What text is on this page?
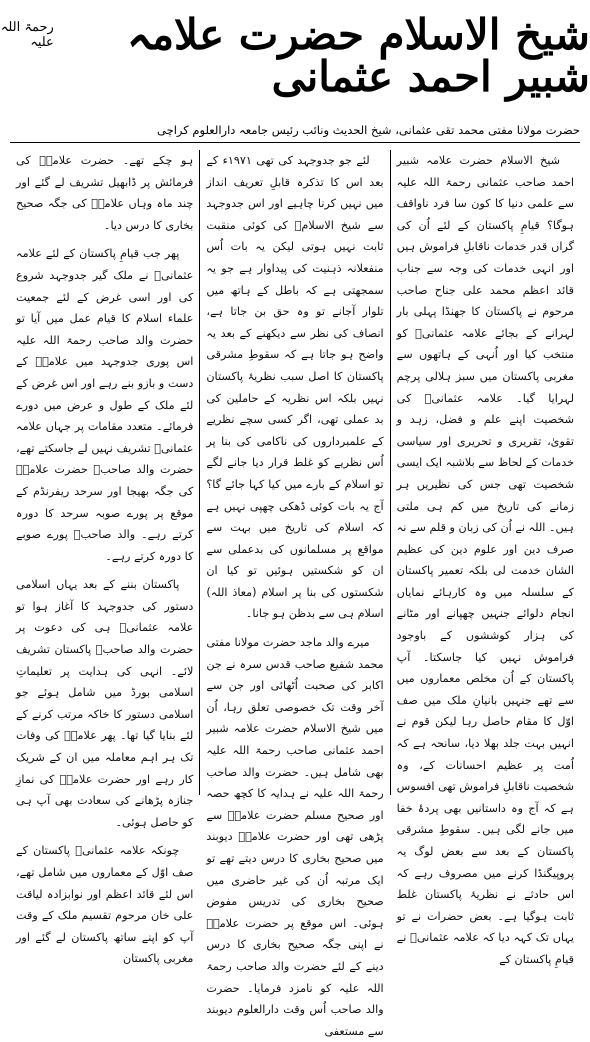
شیخ الاسلام حضرت علامہ شبیر احمد عثمانی
رحمۃ اللہ علیہ
حضرت مولانا مفتی محمد تقی عثمانی، شیخ الحدیث ونائب رئیس جامعہ دارالعلوم کراچی

شیخ الاسلام حضرت علامہ شبیر احمد صاحب عثمانی رحمۃ اللہ علیہ سے علمی دنیا کا کون سا فرد ناواقف ہوگا؟ قیامِ پاکستان کے لئے اُن کی گراں قدر خدمات ناقابلِ فراموش ہیں اور انہی خدمات کی وجہ سے جناب قائد اعظم محمد علی جناح صاحب مرحوم نے پاکستان کا جھنڈا پہلی بار لہرانے کے بجائے علامہ عثمانیؒ کو منتخب کیا اور اُنہی کے ہاتھوں سے مغربی پاکستان میں سبز ہلالی پرچم لہرایا گیا۔ علامہ عثمانیؒ کی شخصیت اپنے علم و فضل، زہد و تقویٰ، تقریری و تحریری اور سیاسی خدمات کے لحاظ سے بلاشبہ ایک ایسی شخصیت تھی جس کی نظیریں ہر زمانے کی تاریخ میں کم ہی ملتی ہیں۔ اللہ نے اُن کی زبان و قلم سے نہ صرف دین اور علوم دین کی عظیم الشان خدمت لی بلکہ تعمیر پاکستان کے سلسلہ میں وہ کارہائے نمایاں انجام دلوائے جنہیں چھپانے اور مٹانے کی ہزار کوششوں کے باوجود فراموش نہیں کیا جاسکتا۔ آپ پاکستان کے اُن مخلص معماروں میں سے تھے جنہیں بانیانِ ملک میں صف اوّل کا مقام حاصل رہا لیکن قوم نے انہیں بہت جلد بھلا دیا، سانحہ ہے کہ اُمت پر عظیم احسانات کے، وہ شخصیت ناقابلِ فراموش تھی افسوس ہے کہ آج وہ داستانیں بھی پردۂ خفا میں جانے لگی ہیں۔ سقوطِ مشرقی پاکستان کے بعد سے بعض لوگ یہ پروپیگنڈا کرنے میں مصروف رہے کہ اس حادثے نے نظریۂ پاکستان غلط ثابت ہوگیا ہے۔ بعض حضرات نے تو یہاں تک کہہ دیا کہ علامہ عثمانیؒ نے قیامِ پاکستان کے

لئے جو جدوجہد کی تھی ۱۹۷۱ء کے بعد اس کا تذکرہ قابلِ تعریف انداز میں نہیں کرنا چاہیے اور اس جدوجہد سے شیخ الاسلامؒ کی کوئی منقبت ثابت نہیں ہوتی لیکن یہ بات اُس منفعلانہ ذہنیت کی پیداوار ہے جو یہ سمجھتی ہے کہ باطل کے ہاتھ میں تلوار آجانے تو وہ حق بن جاتا ہے، انصاف کی نظر سے دیکھنے کے بعد یہ واضح ہو جاتا ہے کہ سقوطِ مشرقی پاکستان کا اصل سبب نظریۂ پاکستان نہیں بلکہ اس نظریہ کے حاملین کی بد عملی تھی، اگر کسی سچے نظریے کے علمبرداروں کی ناکامی کی بنا پر اُس نظریے کو غلط قرار دیا جانے لگے تو اسلام کے بارے میں کیا کہا جائے گا؟ آج یہ بات کوئی ڈھکی چھپی نہیں ہے کہ اسلام کی تاریخ میں بہت سے مواقع پر مسلمانوں کی بدعملی سے ان کو شکستیں ہوئیں تو کیا ان شکستوں کی بنا پر اسلام (معاذ اللہ) اسلام ہی سے بدظن ہو جانا۔

میرے والد ماجد حضرت مولانا مفتی محمد شفیع صاحب قدس سرہ نے جن اکابر کی صحبت اُٹھائی اور جن سے آخر وقت تک خصوصی تعلق رہا، اُن میں شیخ الاسلام حضرت علامہ شبیر احمد عثمانی صاحب رحمۃ اللہ علیہ بھی شامل ہیں۔ حضرت والد صاحب رحمۃ اللہ علیہ نے ہدایہ کا کچھ حصہ اور صحیح مسلم حضرت علامہؒ سے پڑھی تھی اور حضرت علامہؒ دیوبند میں صحیح بخاری کا درس دیتے تھے تو ایک مرتبہ اُن کی غیر حاضری میں صحیح بخاری کی تدریس مفوض ہوئی۔ اس موقع پر حضرت علامہؒ نے اپنی جگہ صحیح بخاری کا درس دینے کے لئے حضرت والد صاحب رحمۃ اللہ علیہ کو نامزد فرمایا۔ حضرت والد صاحب اُس وقت دارالعلوم دیوبند سے مستعفی

ہو چکے تھے۔ حضرت علامہؒ کی فرمائش پر ڈابھیل تشریف لے گئے اور چند ماہ وہاں علامہؒ کی جگہ صحیح بخاری کا درس دیا۔

پھر جب قیامِ پاکستان کے لئے علامہ عثمانیؒ نے ملک گیر جدوجہد شروع کی اور اسی غرض کے لئے جمعیت علماء اسلام کا قیام عمل میں آیا تو حضرت والد صاحب رحمۃ اللہ علیہ اس پوری جدوجہد میں علامہؒ کے دست و بازو بنے رہے اور اس غرض کے لئے ملک کے طول و عرض میں دورے فرمائے۔ متعدد مقامات پر جہاں علامہ عثمانیؒ تشریف نہیں لے جاسکتے تھے، حضرت والد صاحبؒ حضرت علامہؒ کی جگہ بھیجا اور سرحد ریفرنڈم کے موقع پر پورے صوبہ سرحد کا دورہ کرتے رہے۔ والد صاحبؒ پورے صوبے کا دورہ کرتے رہے۔

پاکستان بننے کے بعد یہاں اسلامی دستور کی جدوجہد کا آغاز ہوا تو علامہ عثمانیؒ ہی کی دعوت پر حضرت والد صاحبؒ پاکستان تشریف لائے۔ انہی کی ہدایت پر تعلیماتِ اسلامی بورڈ میں شامل ہوئے جو اسلامی دستور کا خاکہ مرتب کرنے کے لئے بنایا گیا تھا۔ پھر علامہؒ کی وفات تک ہر اہم معاملہ میں ان کے شریک کار رہے اور حضرت علامہؒ کی نمازِ جنازہ پڑھانے کی سعادت بھی آپ ہی کو حاصل ہوئی۔

چونکہ علامہ عثمانیؒ پاکستان کے صف اوّل کے معماروں میں شامل تھے، اس لئے قائد اعظم اور نوابزادہ لیاقت علی خان مرحوم تقسیم ملک کے وقت آپ کو اپنے ساتھ پاکستان لے گئے اور مغربی پاکستان
